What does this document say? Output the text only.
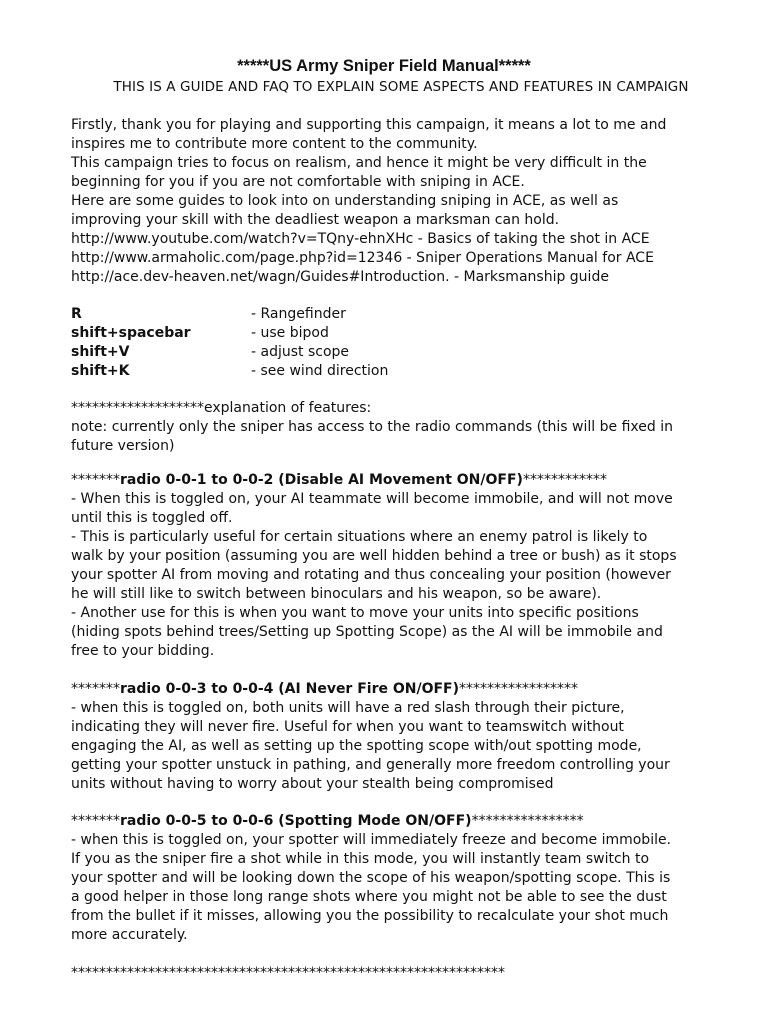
*****US Army Sniper Field Manual*****
THIS IS A GUIDE AND FAQ TO EXPLAIN SOME ASPECTS AND FEATURES IN CAMPAIGN
Firstly, thank you for playing and supporting this campaign, it means a lot to me and
inspires me to contribute more content to the community.
This campaign tries to focus on realism, and hence it might be very difficult in the
beginning for you if you are not comfortable with sniping in ACE.
Here are some guides to look into on understanding sniping in ACE, as well as
improving your skill with the deadliest weapon a marksman can hold.
http://www.youtube.com/watch?v=TQny-ehnXHc - Basics of taking the shot in ACE
http://www.armaholic.com/page.php?id=12346 - Sniper Operations Manual for ACE
http://ace.dev-heaven.net/wagn/Guides#Introduction. - Marksmanship guide
R	- Rangefinder
shift+spacebar	- use bipod
shift+V	- adjust scope
shift+K	- see wind direction
*******************explanation of features:
note: currently only the sniper has access to the radio commands (this will be fixed in
future version)
*******radio 0-0-1 to 0-0-2 (Disable AI Movement ON/OFF)************
- When this is toggled on, your AI teammate will become immobile, and will not move
until this is toggled off.
- This is particularly useful for certain situations where an enemy patrol is likely to
walk by your position (assuming you are well hidden behind a tree or bush) as it stops
your spotter AI from moving and rotating and thus concealing your position (however
he will still like to switch between binoculars and his weapon, so be aware).
- Another use for this is when you want to move your units into specific positions
(hiding spots behind trees/Setting up Spotting Scope) as the AI will be immobile and
free to your bidding.
*******radio 0-0-3 to 0-0-4 (AI Never Fire ON/OFF)*****************
- when this is toggled on, both units will have a red slash through their picture,
indicating they will never fire. Useful for when you want to teamswitch without
engaging the AI, as well as setting up the spotting scope with/out spotting mode,
getting your spotter unstuck in pathing, and generally more freedom controlling your
units without having to worry about your stealth being compromised
*******radio 0-0-5 to 0-0-6 (Spotting Mode ON/OFF)****************
- when this is toggled on, your spotter will immediately freeze and become immobile.
If you as the sniper fire a shot while in this mode, you will instantly team switch to
your spotter and will be looking down the scope of his weapon/spotting scope. This is
a good helper in those long range shots where you might not be able to see the dust
from the bullet if it misses, allowing you the possibility to recalculate your shot much
more accurately.
**************************************************************
